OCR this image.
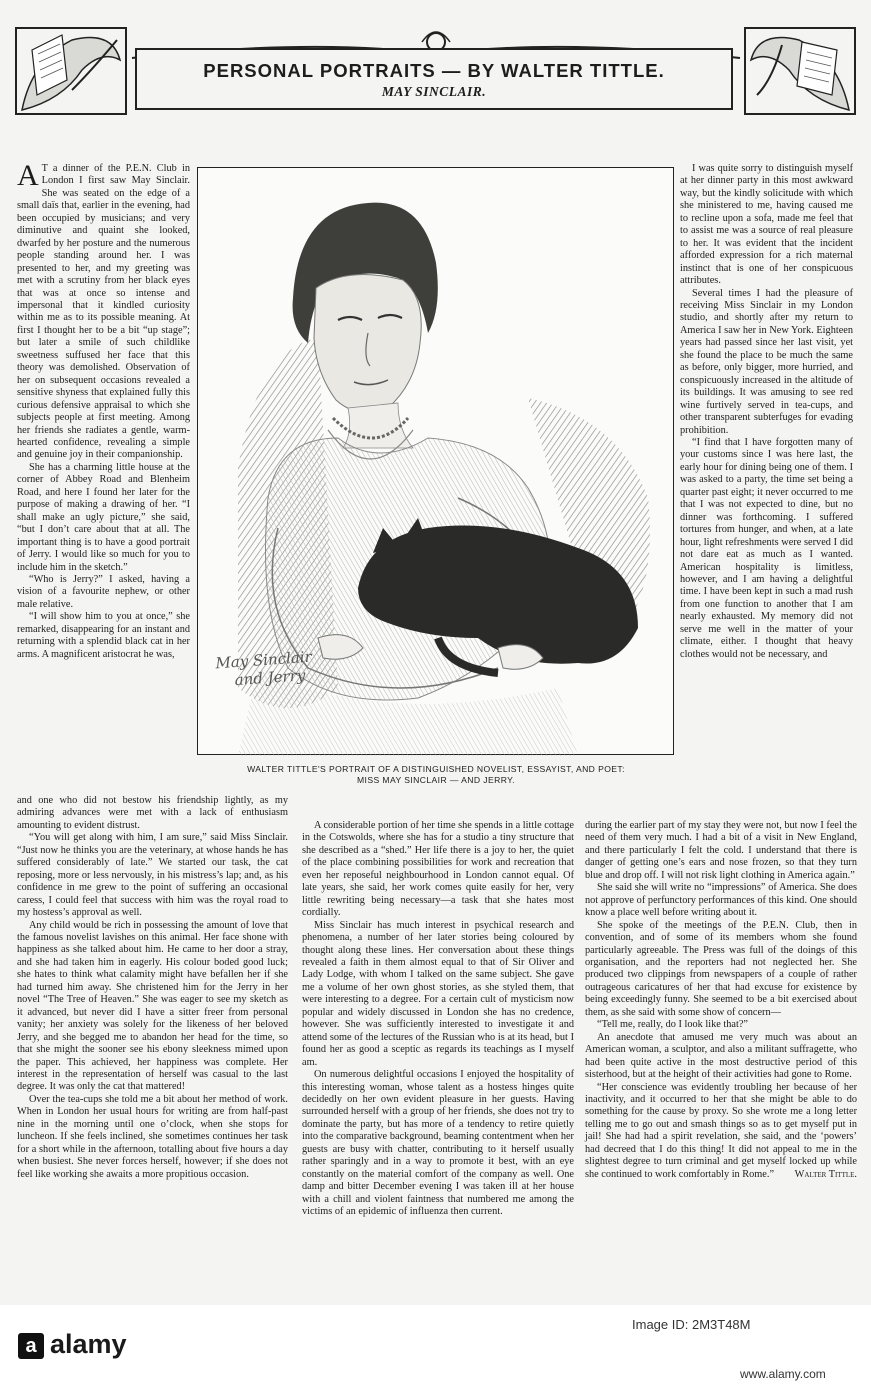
PERSONAL PORTRAITS — BY WALTER TITTLE.
MAY SINCLAIR.

A T a dinner of the P.E.N. Club in London I first saw May Sinclair. She was seated on the edge of a small daïs that, earlier in the evening, had been occupied by musicians; and very diminutive and quaint she looked, dwarfed by her posture and the numerous people standing around her. I was presented to her, and my greeting was met with a scrutiny from her black eyes that was at once so intense and impersonal that it kindled curiosity within me as to its possible meaning. At first I thought her to be a bit “up stage”; but later a smile of such childlike sweetness suffused her face that this theory was demolished. Observation of her on subsequent occasions revealed a sensitive shyness that explained fully this curious defensive appraisal to which she subjects people at first meeting. Among her friends she radiates a gentle, warm-hearted confidence, revealing a simple and genuine joy in their companionship.

She has a charming little house at the corner of Abbey Road and Blenheim Road, and here I found her later for the purpose of making a drawing of her. “I shall make an ugly picture,” she said, “but I don’t care about that at all. The important thing is to have a good portrait of Jerry. I would like so much for you to include him in the sketch.”

“Who is Jerry?” I asked, having a vision of a favourite nephew, or other male relative.

“I will show him to you at once,” she remarked, disappearing for an instant and returning with a splendid black cat in her arms. A magnificent aristocrat he was,	May Sinclair
and Jerry
WALTER TITTLE'S PORTRAIT OF A DISTINGUISHED NOVELIST, ESSAYIST, AND POET:
MISS MAY SINCLAIR — AND JERRY.

I was quite sorry to distinguish myself at her dinner party in this most awkward way, but the kindly solicitude with which she ministered to me, having caused me to recline upon a sofa, made me feel that to assist me was a source of real pleasure to her. It was evident that the incident afforded expression for a rich maternal instinct that is one of her conspicuous attributes.

Several times I had the pleasure of receiving Miss Sinclair in my London studio, and shortly after my return to America I saw her in New York. Eighteen years had passed since her last visit, yet she found the place to be much the same as before, only bigger, more hurried, and conspicuously increased in the altitude of its buildings. It was amusing to see red wine furtively served in tea-cups, and other transparent subterfuges for evading prohibition.

“I find that I have forgotten many of your customs since I was here last, the early hour for dining being one of them. I was asked to a party, the time set being a quarter past eight; it never occurred to me that I was not expected to dine, but no dinner was forthcoming. I suffered tortures from hunger, and when, at a late hour, light refreshments were served I did not dare eat as much as I wanted. American hospitality is limitless, however, and I am having a delightful time. I have been kept in such a mad rush from one function to another that I am nearly exhausted. My memory did not serve me well in the matter of your climate, either. I thought that heavy clothes would not be necessary, and

and one who did not bestow his friendship lightly, as my admiring advances were met with a lack of enthusiasm amounting to evident distrust.

“You will get along with him, I am sure,” said Miss Sinclair. “Just now he thinks you are the veterinary, at whose hands he has suffered considerably of late.” We started our task, the cat reposing, more or less nervously, in his mistress’s lap; and, as his confidence in me grew to the point of suffering an occasional caress, I could feel that success with him was the royal road to my hostess’s approval as well.

Any child would be rich in possessing the amount of love that the famous novelist lavishes on this animal. Her face shone with happiness as she talked about him. He came to her door a stray, and she had taken him in eagerly. His colour boded good luck; she hates to think what calamity might have befallen her if she had turned him away. She christened him for the Jerry in her novel “The Tree of Heaven.” She was eager to see my sketch as it advanced, but never did I have a sitter freer from personal vanity; her anxiety was solely for the likeness of her beloved Jerry, and she begged me to abandon her head for the time, so that she might the sooner see his ebony sleekness mimed upon the paper. This achieved, her happiness was complete. Her interest in the representation of herself was casual to the last degree. It was only the cat that mattered!

Over the tea-cups she told me a bit about her method of work. When in London her usual hours for writing are from half-past nine in the morning until one o’clock, when she stops for luncheon. If she feels inclined, she sometimes continues her task for a short while in the afternoon, totalling about five hours a day when busiest. She never forces herself, however; if she does not feel like working she awaits a more propitious occasion.

A considerable portion of her time she spends in a little cottage in the Cotswolds, where she has for a studio a tiny structure that she described as a “shed.” Her life there is a joy to her, the quiet of the place combining possibilities for work and recreation that even her reposeful neighbourhood in London cannot equal. Of late years, she said, her work comes quite easily for her, very little rewriting being necessary—a task that she hates most cordially.

Miss Sinclair has much interest in psychical research and phenomena, a number of her later stories being coloured by thought along these lines. Her conversation about these things revealed a faith in them almost equal to that of Sir Oliver and Lady Lodge, with whom I talked on the same subject. She gave me a volume of her own ghost stories, as she styled them, that were interesting to a degree. For a certain cult of mysticism now popular and widely discussed in London she has no credence, however. She was sufficiently interested to investigate it and attend some of the lectures of the Russian who is at its head, but I found her as good a sceptic as regards its teachings as I myself am.

On numerous delightful occasions I enjoyed the hospitality of this interesting woman, whose talent as a hostess hinges quite decidedly on her own evident pleasure in her guests. Having surrounded herself with a group of her friends, she does not try to dominate the party, but has more of a tendency to retire quietly into the comparative background, beaming contentment when her guests are busy with chatter, contributing to it herself usually rather sparingly and in a way to promote it best, with an eye constantly on the material comfort of the company as well. One damp and bitter December evening I was taken ill at her house with a chill and violent faintness that numbered me among the victims of an epidemic of influenza then current.

during the earlier part of my stay they were not, but now I feel the need of them very much. I had a bit of a visit in New England, and there particularly I felt the cold. I understand that there is danger of getting one’s ears and nose frozen, so that they turn blue and drop off. I will not risk light clothing in America again.”

She said she will write no “impressions” of America. She does not approve of perfunctory performances of this kind. One should know a place well before writing about it.

She spoke of the meetings of the P.E.N. Club, then in convention, and of some of its members whom she found particularly agreeable. The Press was full of the doings of this organisation, and the reporters had not neglected her. She produced two clippings from newspapers of a couple of rather outrageous caricatures of her that had excuse for existence by being exceedingly funny. She seemed to be a bit exercised about them, as she said with some show of concern—

“Tell me, really, do I look like that?”

An anecdote that amused me very much was about an American woman, a sculptor, and also a militant suffragette, who had been quite active in the most destructive period of this sisterhood, but at the height of their activities had gone to Rome.

“Her conscience was evidently troubling her because of her inactivity, and it occurred to her that she might be able to do something for the cause by proxy. So she wrote me a long letter telling me to go out and smash things so as to get myself put in jail! She had had a spirit revelation, she said, and the ‘powers’ had decreed that I do this thing! It did not appeal to me in the slightest degree to turn criminal and get myself locked up while she continued to work comfortably in Rome.”	Walter Tittle.

a alamy
Image ID: 2M3T48M
www.alamy.com
